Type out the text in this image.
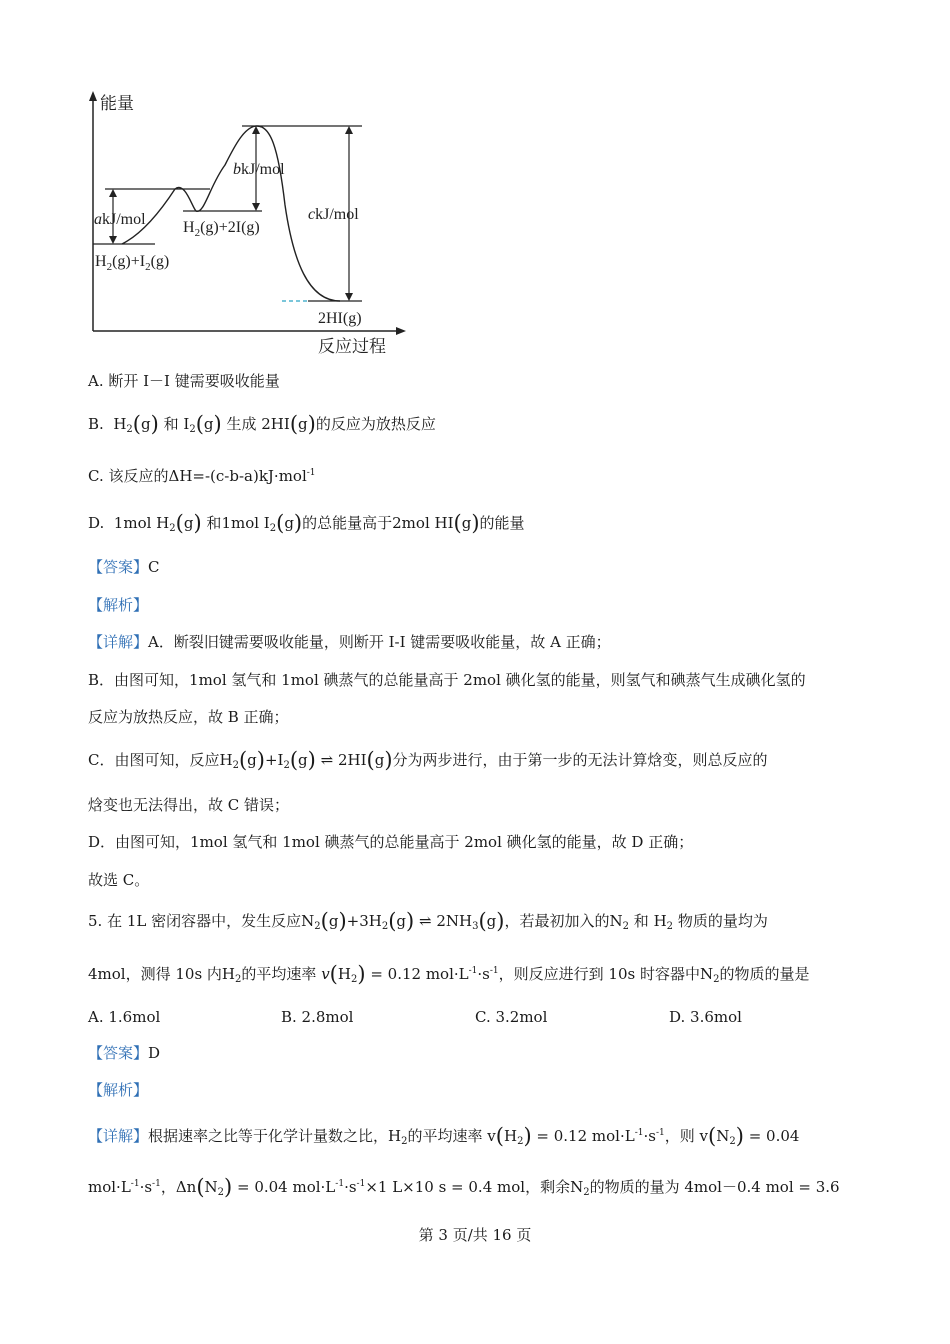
能量
反应过程
akJ/mol
bkJ/mol
ckJ/mol
$H_2(g)+I_2(g)$
$H_2(g)+2I(g)$
2HI(g)
A. 断开 I－I 键需要吸收能量
B.  $H_2(g)$ 和 $I_2(g)$ 生成 2HI(g)的反应为放热反应
C. 该反应的ΔH=-(c-b-a)kJ·mol$^{-1}$
D.  1mol $H_2(g)$ 和1mol $I_2(g)$的总能量高于2mol HI(g)的能量
【答案】C
【解析】
【详解】A．断裂旧键需要吸收能量，则断开 I-I 键需要吸收能量，故 A 正确；
B．由图可知，1mol 氢气和 1mol 碘蒸气的总能量高于 2mol 碘化氢的能量，则氢气和碘蒸气生成碘化氢的
反应为放热反应，故 B 正确；
C．由图可知，反应$H_2(g)+I_2(g)$ ⇌ 2HI(g)分为两步进行，由于第一步的无法计算焓变，则总反应的
焓变也无法得出，故 C 错误；
D．由图可知，1mol 氢气和 1mol 碘蒸气的总能量高于 2mol 碘化氢的能量，故 D 正确；
故选 C。
5. 在 1L 密闭容器中，发生反应$N_2(g)+3H_2(g)$ ⇌ $2NH_3(g)$，若最初加入的$N_2$ 和 $H_2$ 物质的量均为
4mol，测得 10s 内$H_2$的平均速率 $v(H_2) = 0.12$ $mol\cdot L^{-1}\cdot s^{-1}$，则反应进行到 10s 时容器中$N_2$的物质的量是
A. 1.6mol	B. 2.8mol	C. 3.2mol	D. 3.6mol
【答案】D
【解析】
【详解】根据速率之比等于化学计量数之比，$H_2$的平均速率 $v(H_2) = 0.12$ $mol\cdot L^{-1}\cdot s^{-1}$，则 $v(N_2) = 0.04$
$mol\cdot L^{-1}\cdot s^{-1}$，$\Delta n(N_2) = 0.04$ $mol\cdot L^{-1}\cdot s^{-1}\times 1$ L×10 s = 0.4 mol，剩余$N_2$的物质的量为 4mol－0.4 mol = 3.6
第 3 页/共 16 页
